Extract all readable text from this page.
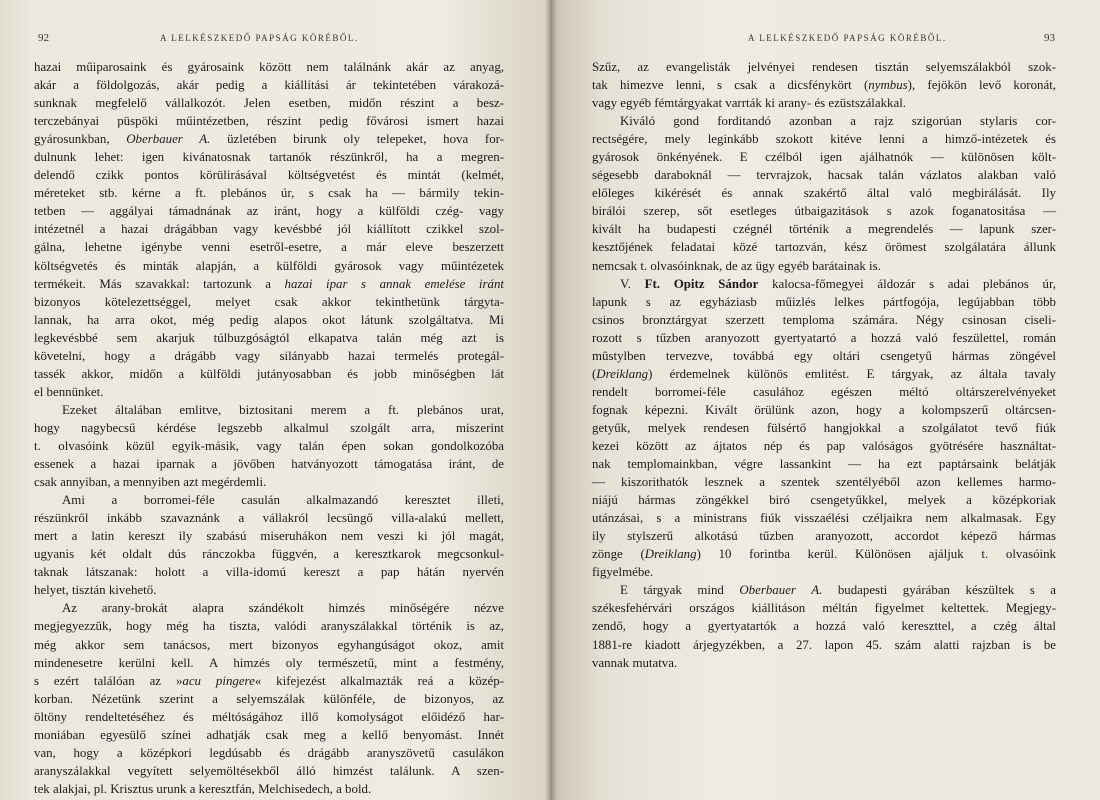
92	A LELKÉSZKEDŐ PAPSÁG KÖRÉBŐL.
hazai műiparosaink és gyárosaink között nem találnánk akár az anyag,
akár a földolgozás, akár pedig a kiállítási ár tekintetében várakozá-
sunknak megfelelő vállalkozót. Jelen esetben, midőn részint a besz-
terczebányai püspöki műintézetben, részint pedig fővárosi ismert hazai
gyárosunkban, Oberbauer A. üzletében birunk oly telepeket, hova for-
dulnunk lehet: igen kivánatosnak tartanók részünkről, ha a megren-
delendő czikk pontos körülirásával költségvetést és mintát (kelmét,
méreteket stb. kérne a ft. plebános úr, s csak ha — bármily tekin-
tetben — aggályai támadnának az iránt, hogy a külföldi czég- vagy
intézetnél a hazai drágábban vagy kevésbbé jól kiállított czikkel szol-
gálna, lehetne igénybe venni esetről-esetre, a már eleve beszerzett
költségvetés és minták alapján, a külföldi gyárosok vagy műintézetek
termékeit. Más szavakkal: tartozunk a hazai ipar s annak emelése iránt
bizonyos kötelezettséggel, melyet csak akkor tekinthetünk tárgyta-
lannak, ha arra okot, még pedig alapos okot látunk szolgáltatva. Mi
legkevésbbé sem akarjuk túlbuzgóságtól elkapatva talán még azt is
követelni, hogy a drágább vagy silányabb hazai termelés protegál-
tassék akkor, midőn a külföldi jutányosabban és jobb minőségben lát
el bennünket.
Ezeket általában emlitve, biztositani merem a ft. plebános urat,
hogy nagybecsű kérdése legszebb alkalmul szolgált arra, miszerint
t. olvasóink közül egyik-másik, vagy talán épen sokan gondolkozóba
essenek a hazai iparnak a jövőben hatványozott támogatása iránt, de
csak annyiban, a mennyiben azt megérdemli.
Ami a borromei-féle casulán alkalmazandó keresztet illeti,
részünkről inkább szavaznánk a vállakról lecsüngő villa-alakú mellett,
mert a latin kereszt ily szabású miseruhákon nem veszi ki jól magát,
ugyanis két oldalt dús ránczokba függvén, a keresztkarok megcsonkul-
taknak látszanak: holott a villa-idomú kereszt a pap hátán nyervén
helyet, tisztán kivehető.
Az arany-brokát alapra szándékolt himzés minőségére nézve
megjegyezzük, hogy még ha tiszta, valódi aranyszálakkal történik is az,
még akkor sem tanácsos, mert bizonyos egyhangúságot okoz, amit
mindenesetre kerülni kell. A himzés oly természetű, mint a festmény,
s ezért találóan az »acu pingere« kifejezést alkalmazták reá a közép-
korban. Nézetünk szerint a selyemszálak különféle, de bizonyos, az
öltöny rendeltetéséhez és méltóságához illő komolyságot előidéző har-
moniában egyesülő színei adhatják csak meg a kellő benyomást. Innét
van, hogy a középkori legdúsabb és drágább aranyszövetű casulákon
aranyszálakkal vegyített selyemöltésekből álló himzést találunk. A szen-
tek alakjai, pl. Krisztus urunk a keresztfán, Melchisedech, a bold.
A LELKÉSZKEDŐ PAPSÁG KÖRÉBŐL.	93
Szűz, az evangelisták jelvényei rendesen tisztán selyemszálakból szok-
tak himezve lenni, s csak a dicsfénykört (nymbus), fejökön levő koronát,
vagy egyéb fémtárgyakat varrták ki arany- és ezüstszálakkal.
Kiváló gond forditandó azonban a rajz szigorúan stylaris cor-
rectségére, mely leginkább szokott kitéve lenni a himző-intézetek és
gyárosok önkényének. E czélból igen ajálhatnók — különösen költ-
ségesebb daraboknál — tervrajzok, hacsak talán vázlatos alakban való
előleges kikérését és annak szakértő által való megbirálását. Ily
birálói szerep, sőt esetleges útbaigazitások s azok foganatositása —
kivált ha budapesti czégnél történik a megrendelés — lapunk szer-
kesztőjének feladatai közé tartozván, kész örömest szolgálatára állunk
nemcsak t. olvasóinknak, de az ügy egyéb barátainak is.
V. Ft. Opitz Sándor kalocsa-főmegyei áldozár s adai plebános úr,
lapunk s az egyháziasb műizlés lelkes pártfogója, legújabban több
csinos bronztárgyat szerzett temploma számára. Négy csinosan ciseli-
rozott s tűzben aranyozott gyertyatartó a hozzá való feszülettel, román
mûstylben tervezve, továbbá egy oltári csengetyű hármas zöngével
(Dreiklang) érdemelnek különös emlitést. E tárgyak, az általa tavaly
rendelt borromei-féle casulához egészen méltó oltárszerelvényeket
fognak képezni. Kivált örülünk azon, hogy a kolompszerű oltárcsen-
getyűk, melyek rendesen fülsértő hangjokkal a szolgálatot tevő fiúk
kezei között az ájtatos nép és pap valóságos gyötrésére használtat-
nak templomainkban, végre lassankint — ha ezt paptársaink belátják
— kiszorithatók lesznek a szentek szentélyéből azon kellemes harmo-
niájú hármas zöngékkel biró csengetyűkkel, melyek a középkoriak
utánzásai, s a ministrans fiúk visszaélési czéljaikra nem alkalmasak. Egy
ily stylszerű alkotású tűzben aranyozott, accordot képező hármas
zönge (Dreiklang) 10 forintba kerül. Különösen ajáljuk t. olvasóink
figyelmébe.
E tárgyak mind Oberbauer A. budapesti gyárában készültek s a
székesfehérvári országos kiállitáson méltán figyelmet keltettek. Megjegy-
zendő, hogy a gyertyatartók a hozzá való kereszttel, a czég által
1881-re kiadott árjegyzékben, a 27. lapon 45. szám alatti rajzban is be
vannak mutatva.
